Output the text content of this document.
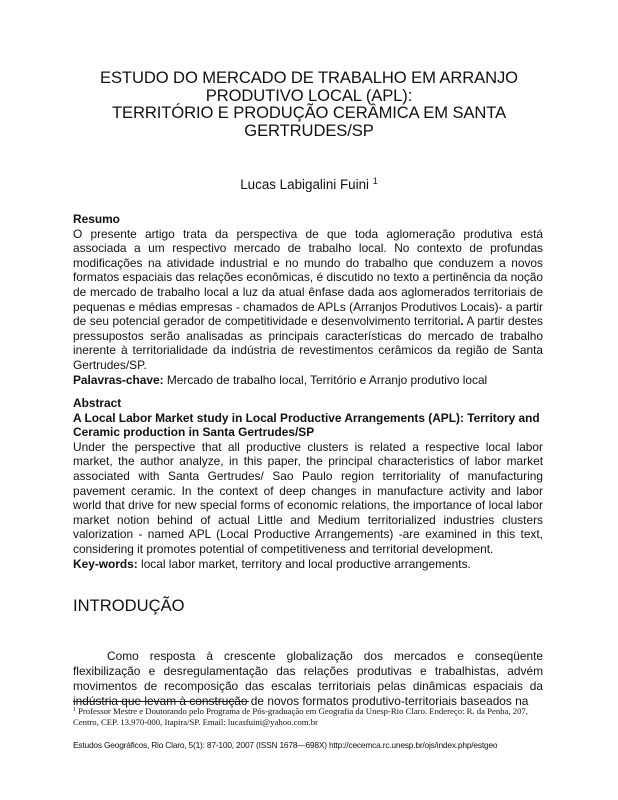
ESTUDO DO MERCADO DE TRABALHO EM ARRANJO
PRODUTIVO LOCAL (APL):
TERRITÓRIO E PRODUÇÃO CERÂMICA EM SANTA
GERTRUDES/SP
Lucas Labigalini Fuini $^1$
Resumo
O presente artigo trata da perspectiva de que toda aglomeração produtiva está associada a um respectivo mercado de trabalho local. No contexto de profundas modificações na atividade industrial e no mundo do trabalho que conduzem a novos formatos espaciais das relações econômicas, é discutido no texto a pertinência da noção de mercado de trabalho local a luz da atual ênfase dada aos aglomerados territoriais de pequenas e médias empresas - chamados de APLs (Arranjos Produtivos Locais)- a partir de seu potencial gerador de competitividade e desenvolvimento territorial. A partir destes pressupostos serão analisadas as principais características do mercado de trabalho inerente à territorialidade da indústria de revestimentos cerâmicos da região de Santa Gertrudes/SP.
Palavras-chave: Mercado de trabalho local, Território e Arranjo produtivo local
Abstract
A Local Labor Market study in Local Productive Arrangements (APL): Territory and Ceramic production in Santa Gertrudes/SP
Under the perspective that all productive clusters is related a respective local labor market, the author analyze, in this paper, the principal characteristics of labor market associated with Santa Gertrudes/ Sao Paulo region territoriality of manufacturing pavement ceramic. In the context of deep changes in manufacture activity and labor world that drive for new special forms of economic relations, the importance of local labor market notion behind of actual Little and Medium territorialized industries clusters valorization - named APL (Local Productive Arrangements) -are examined in this text, considering it promotes potential of competitiveness and territorial development.
Key-words: local labor market, territory and local productive arrangements.
INTRODUÇÃO

Como resposta à crescente globalização dos mercados e conseqüente flexibilização e desregulamentação das relações produtivas e trabalhistas, advém movimentos de recomposição das escalas territoriais pelas dinâmicas espaciais da indústria que levam à construção de novos formatos produtivo-territoriais baseados na

$^1$ Professor Mestre e Doutorando pelo Programa de Pós-graduação em Geografia da Unesp-Rio Claro. Endereço: R. da Penha, 207, Centro, CEP. 13.970-000, Itapira/SP. Email: lucasfuini@yahoo.com.br
Estudos Geográficos, Rio Claro, 5(1): 87-100, 2007 (ISSN 1678—698X) http://cecemca.rc.unesp.br/ojs/index.php/estgeo
